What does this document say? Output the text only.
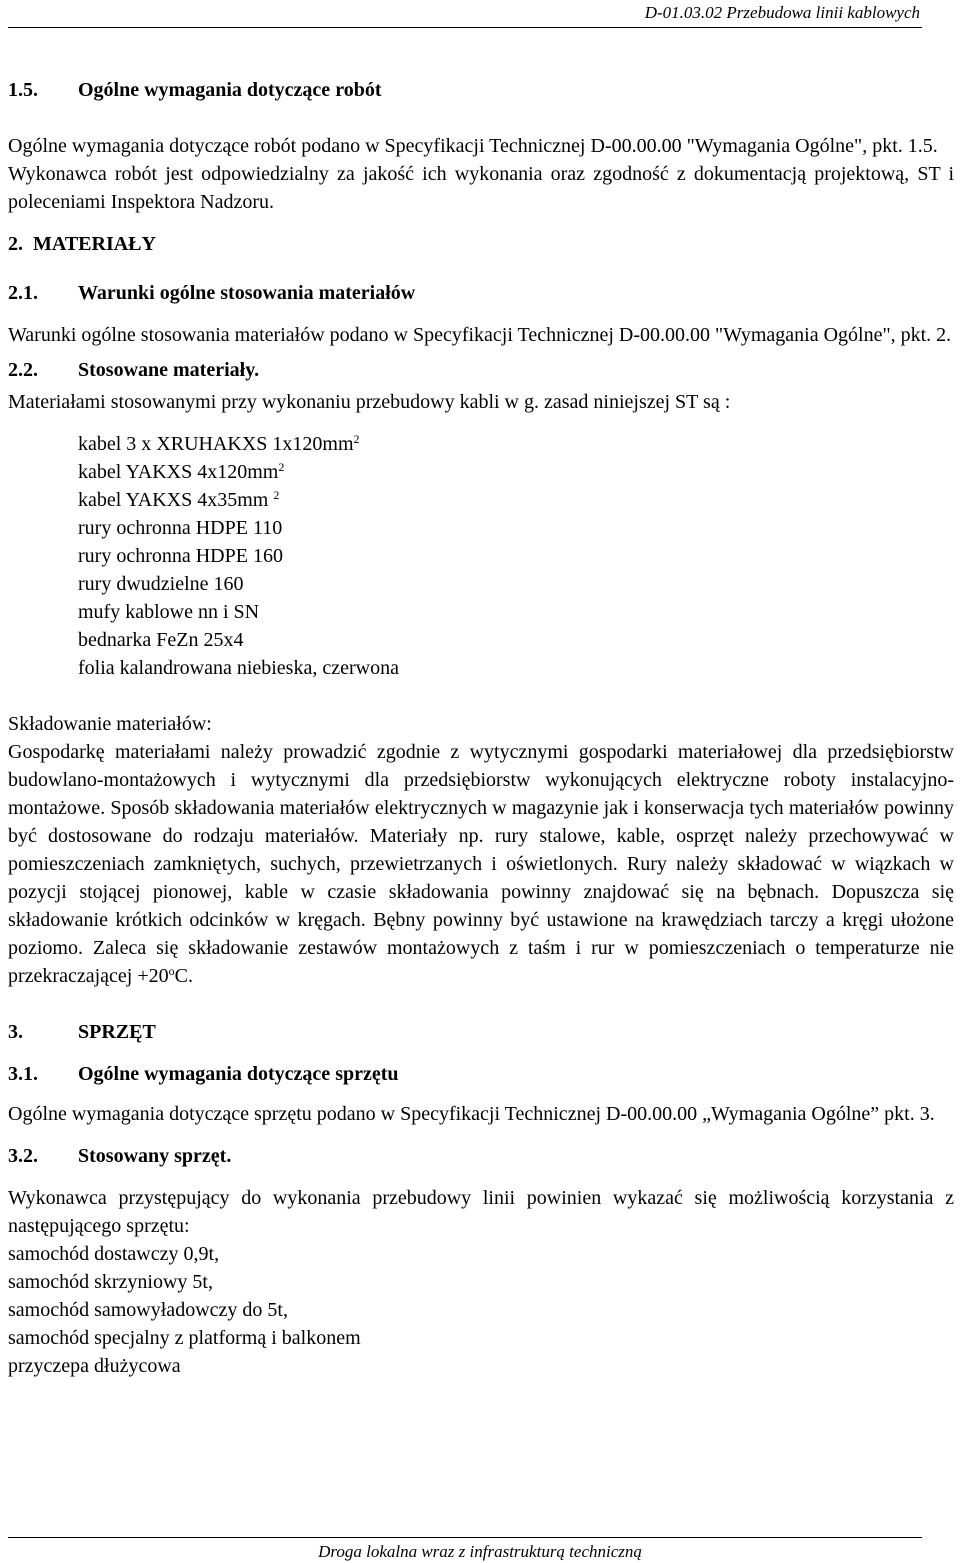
D-01.03.02 Przebudowa linii kablowych
1.5. Ogólne wymagania dotyczące robót

Ogólne wymagania dotyczące robót podano w Specyfikacji Technicznej D-00.00.00 "Wymagania Ogólne", pkt. 1.5.

Wykonawca robót jest odpowiedzialny za jakość ich wykonania oraz zgodność z dokumentacją projektową, ST i poleceniami Inspektora Nadzoru.

2. MATERIAŁY
2.1. Warunki ogólne stosowania materiałów

Warunki ogólne stosowania materiałów podano w Specyfikacji Technicznej D-00.00.00 "Wymagania Ogólne", pkt. 2.

2.2. Stosowane materiały.

Materiałami stosowanymi przy wykonaniu przebudowy kabli w g. zasad niniejszej ST są :

kabel 3 x XRUHAKXS $1x120mm^2$
kabel YAKXS $4x120mm^2$
kabel YAKXS 4x35mm $^2$
rury ochronna HDPE 110
rury ochronna HDPE 160
rury dwudzielne 160
mufy kablowe nn i SN
bednarka FeZn 25x4
folia kalandrowana niebieska, czerwona

Składowanie materiałów:

Gospodarkę materiałami należy prowadzić zgodnie z wytycznymi gospodarki materiałowej dla przedsiębiorstw budowlano-montażowych i wytycznymi dla przedsiębiorstw wykonujących elektryczne roboty instalacyjno-montażowe. Sposób składowania materiałów elektrycznych w magazynie jak i konserwacja tych materiałów powinny być dostosowane do rodzaju materiałów. Materiały np. rury stalowe, kable, osprzęt należy przechowywać w pomieszczeniach zamkniętych, suchych, przewietrzanych i oświetlonych. Rury należy składować w wiązkach w pozycji stojącej pionowej, kable w czasie składowania powinny znajdować się na bębnach. Dopuszcza się składowanie krótkich odcinków w kręgach. Bębny powinny być ustawione na krawędziach tarczy a kręgi ułożone poziomo. Zaleca się składowanie zestawów montażowych z taśm i rur w pomieszczeniach o temperaturze nie przekraczającej $+20^oC$.

3.	SPRZĘT
3.1. Ogólne wymagania dotyczące sprzętu

Ogólne wymagania dotyczące sprzętu podano w Specyfikacji Technicznej D-00.00.00 „Wymagania Ogólne” pkt. 3.

3.2. Stosowany sprzęt.

Wykonawca przystępujący do wykonania przebudowy linii powinien wykazać się możliwością korzystania z następującego sprzętu:

samochód dostawczy 0,9t,
samochód skrzyniowy 5t,
samochód samowyładowczy do 5t,
samochód specjalny z platformą i balkonem
przyczepa dłużycowa
Droga lokalna wraz z infrastrukturą techniczną
